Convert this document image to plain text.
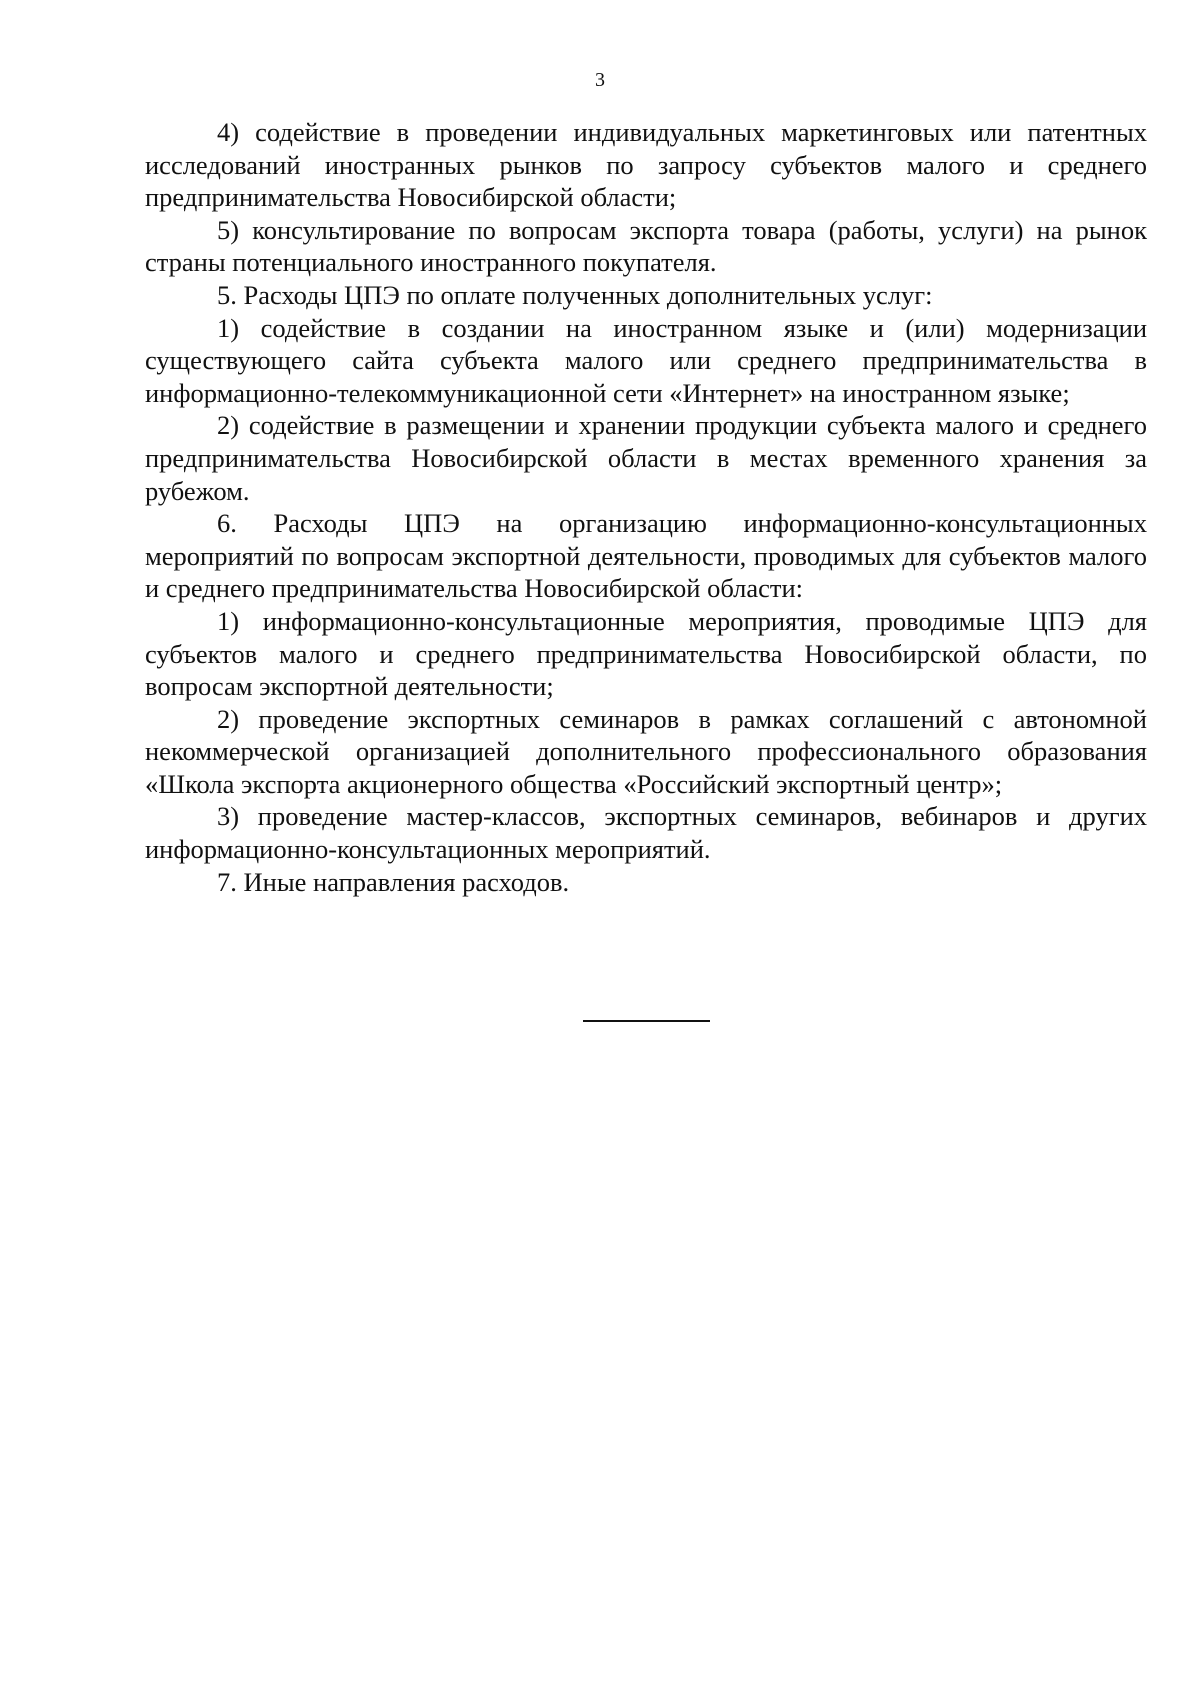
3

4) содействие в проведении индивидуальных маркетинговых или патентных исследований иностранных рынков по запросу субъектов малого и среднего предпринимательства Новосибирской области;

5) консультирование по вопросам экспорта товара (работы, услуги) на рынок страны потенциального иностранного покупателя.

5. Расходы ЦПЭ по оплате полученных дополнительных услуг:

1) содействие в создании на иностранном языке и (или) модернизации существующего сайта субъекта малого или среднего предпринимательства в информационно-телекоммуникационной сети «Интернет» на иностранном языке;

2) содействие в размещении и хранении продукции субъекта малого и среднего предпринимательства Новосибирской области в местах временного хранения за рубежом.

6. Расходы ЦПЭ на организацию информационно-консультационных мероприятий по вопросам экспортной деятельности, проводимых для субъектов малого и среднего предпринимательства Новосибирской области:

1) информационно-консультационные мероприятия, проводимые ЦПЭ для субъектов малого и среднего предпринимательства Новосибирской области, по вопросам экспортной деятельности;

2) проведение экспортных семинаров в рамках соглашений с автономной некоммерческой организацией дополнительного профессионального образования «Школа экспорта акционерного общества «Российский экспортный центр»;

3) проведение мастер-классов, экспортных семинаров, вебинаров и других информационно-консультационных мероприятий.

7. Иные направления расходов.
